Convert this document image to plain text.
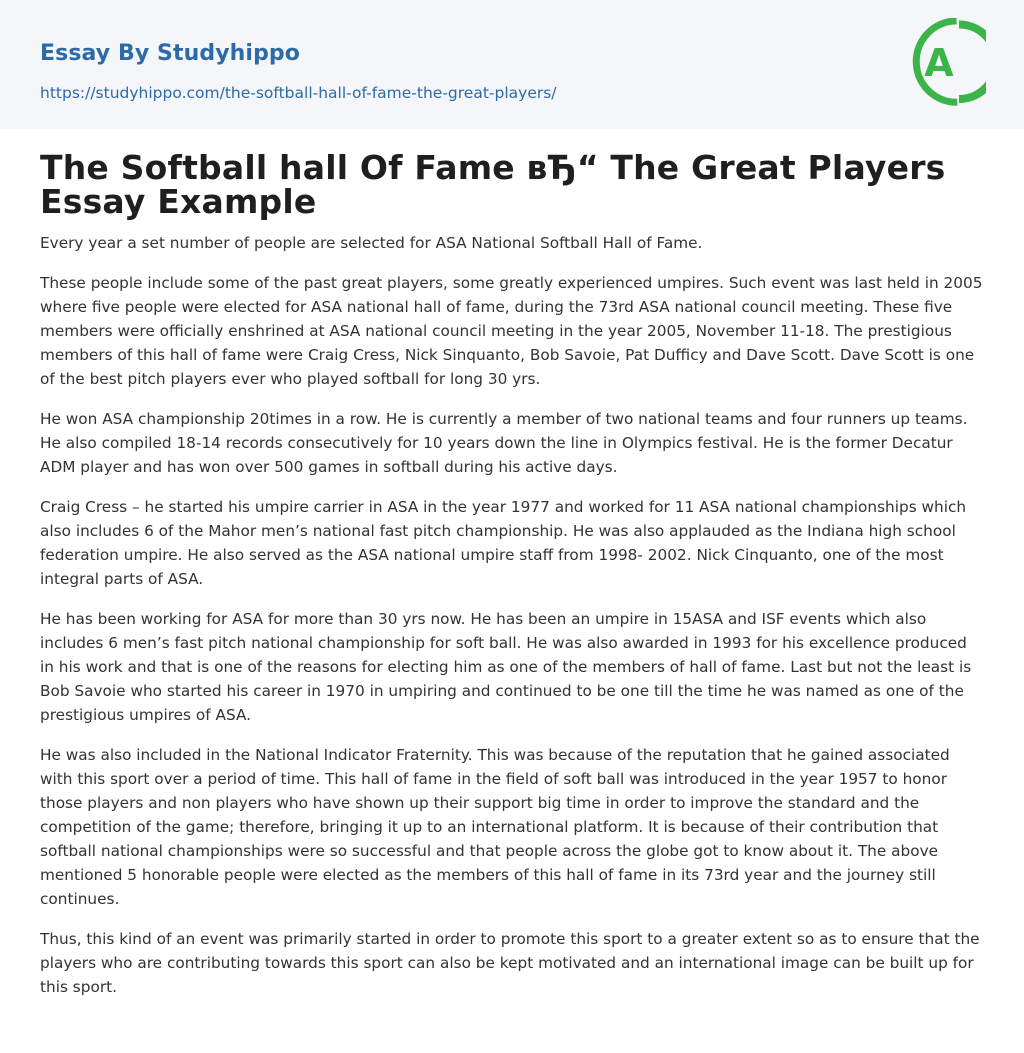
Essay By Studyhippo
https://studyhippo.com/the-softball-hall-of-fame-the-great-players/
A
The Softball hall Of Fame вЂ“ The Great Players Essay Example

Every year a set number of people are selected for ASA National Softball Hall of Fame.

These people include some of the past great players, some greatly experienced umpires. Such event was last held in 2005 where five people were elected for ASA national hall of fame, during the 73rd ASA national council meeting. These five members were officially enshrined at ASA national council meeting in the year 2005, November 11-18. The prestigious members of this hall of fame were Craig Cress, Nick Sinquanto, Bob Savoie, Pat Dufficy and Dave Scott. Dave Scott is one of the best pitch players ever who played softball for long 30 yrs.

He won ASA championship 20times in a row. He is currently a member of two national teams and four runners up teams. He also compiled 18-14 records consecutively for 10 years down the line in Olympics festival. He is the former Decatur ADM player and has won over 500 games in softball during his active days.

Craig Cress – he started his umpire carrier in ASA in the year 1977 and worked for 11 ASA national championships which also includes 6 of the Mahor men’s national fast pitch championship. He was also applauded as the Indiana high school federation umpire. He also served as the ASA national umpire staff from 1998- 2002. Nick Cinquanto, one of the most integral parts of ASA.

He has been working for ASA for more than 30 yrs now. He has been an umpire in 15ASA and ISF events which also includes 6 men’s fast pitch national championship for soft ball. He was also awarded in 1993 for his excellence produced in his work and that is one of the reasons for electing him as one of the members of hall of fame. Last but not the least is Bob Savoie who started his career in 1970 in umpiring and continued to be one till the time he was named as one of the prestigious umpires of ASA.

He was also included in the National Indicator Fraternity. This was because of the reputation that he gained associated with this sport over a period of time. This hall of fame in the field of soft ball was introduced in the year 1957 to honor those players and non players who have shown up their support big time in order to improve the standard and the competition of the game; therefore, bringing it up to an international platform. It is because of their contribution that softball national championships were so successful and that people across the globe got to know about it. The above mentioned 5 honorable people were elected as the members of this hall of fame in its 73rd year and the journey still continues.

Thus, this kind of an event was primarily started in order to promote this sport to a greater extent so as to ensure that the players who are contributing towards this sport can also be kept motivated and an international image can be built up for this sport.
